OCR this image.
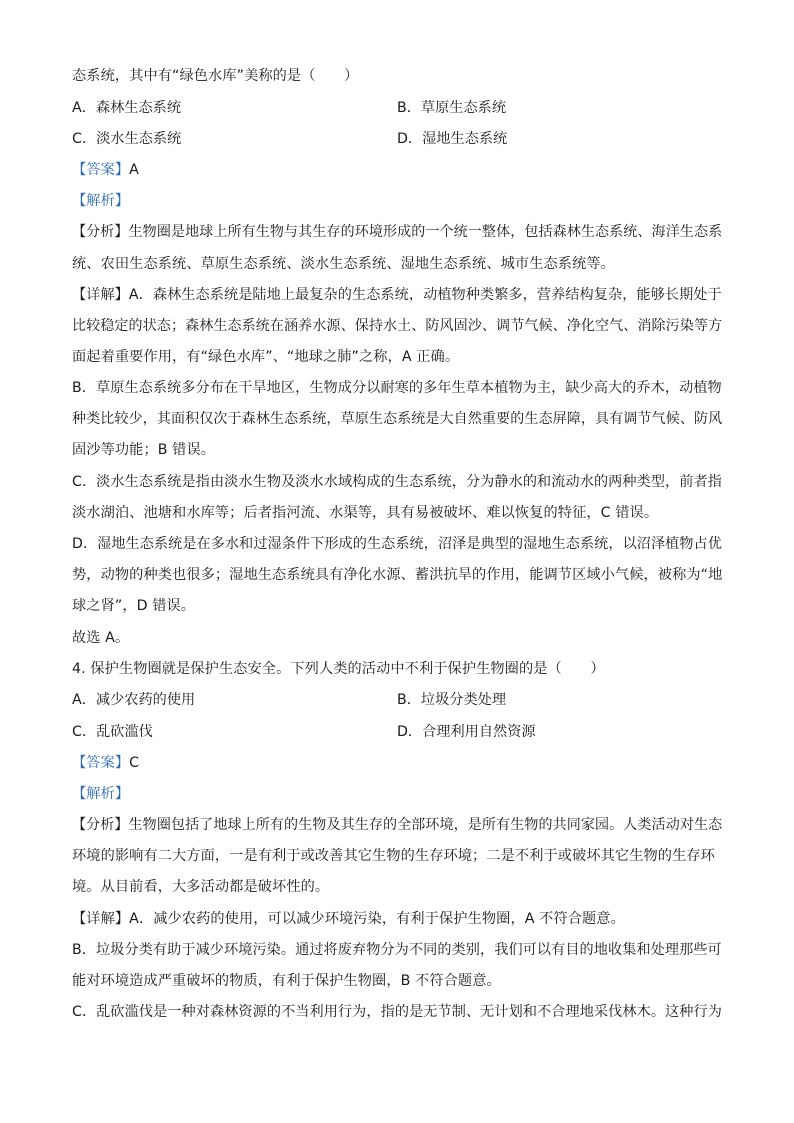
态系统，其中有“绿色水库”美称的是（　　）
A．森林生态系统	B．草原生态系统
C．淡水生态系统	D．湿地生态系统
【答案】A
【解析】
【分析】生物圈是地球上所有生物与其生存的环境形成的一个统一整体，包括森林生态系统、海洋生态系
统、农田生态系统、草原生态系统、淡水生态系统、湿地生态系统、城市生态系统等。
【详解】A．森林生态系统是陆地上最复杂的生态系统，动植物种类繁多，营养结构复杂，能够长期处于
比较稳定的状态；森林生态系统在涵养水源、保持水土、防风固沙、调节气候、净化空气、消除污染等方
面起着重要作用，有“绿色水库”、“地球之肺”之称，A 正确。
B．草原生态系统多分布在干旱地区，生物成分以耐寒的多年生草本植物为主，缺少高大的乔木，动植物
种类比较少，其面积仅次于森林生态系统，草原生态系统是大自然重要的生态屏障，具有调节气候、防风
固沙等功能；B 错误。
C．淡水生态系统是指由淡水生物及淡水水域构成的生态系统，分为静水的和流动水的两种类型，前者指
淡水湖泊、池塘和水库等；后者指河流、水渠等，具有易被破坏、难以恢复的特征，C 错误。
D．湿地生态系统是在多水和过湿条件下形成的生态系统，沼泽是典型的湿地生态系统，以沼泽植物占优
势，动物的种类也很多；湿地生态系统具有净化水源、蓄洪抗旱的作用，能调节区域小气候，被称为“地
球之肾”，D 错误。
故选 A。
4. 保护生物圈就是保护生态安全。下列人类的活动中不利于保护生物圈的是（　　）
A．减少农药的使用	B．垃圾分类处理
C．乱砍滥伐	D．合理利用自然资源
【答案】C
【解析】
【分析】生物圈包括了地球上所有的生物及其生存的全部环境，是所有生物的共同家园。人类活动对生态
环境的影响有二大方面，一是有利于或改善其它生物的生存环境；二是不利于或破坏其它生物的生存环
境。从目前看，大多活动都是破坏性的。
【详解】A．减少农药的使用，可以减少环境污染，有利于保护生物圈，A 不符合题意。
B．垃圾分类有助于减少环境污染。通过将废弃物分为不同的类别，我们可以有目的地收集和处理那些可
能对环境造成严重破坏的物质，有利于保护生物圈，B 不符合题意。
C．乱砍滥伐是一种对森林资源的不当利用行为，指的是无节制、无计划和不合理地采伐林木。这种行为
